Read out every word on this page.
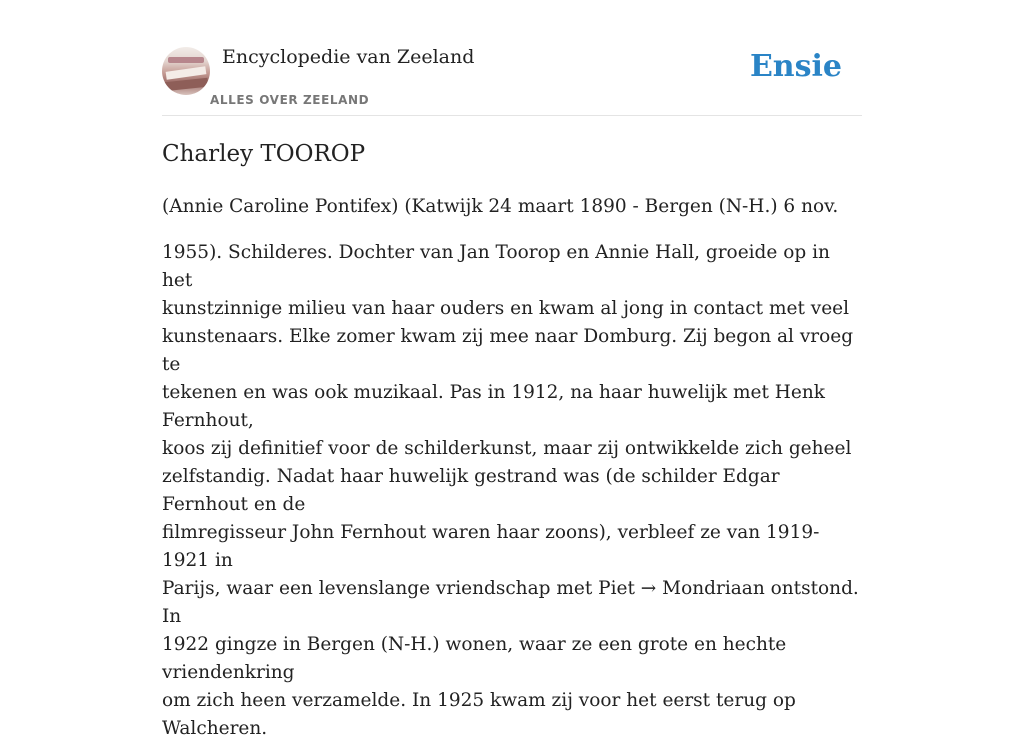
Encyclopedie van Zeeland
ALLES OVER ZEELAND
Ensie
Charley TOOROP

(Annie Caroline Pontifex) (Katwijk 24 maart 1890 - Bergen (N-H.) 6 nov.

1955). Schilderes. Dochter van Jan Toorop en Annie Hall, groeide op in het
kunstzinnige milieu van haar ouders en kwam al jong in contact met veel
kunstenaars. Elke zomer kwam zij mee naar Domburg. Zij begon al vroeg te
tekenen en was ook muzikaal. Pas in 1912, na haar huwelijk met Henk Fernhout,
koos zij definitief voor de schilderkunst, maar zij ontwikkelde zich geheel
zelfstandig. Nadat haar huwelijk gestrand was (de schilder Edgar Fernhout en de
filmregisseur John Fernhout waren haar zoons), verbleef ze van 1919-1921 in
Parijs, waar een levenslange vriendschap met Piet → Mondriaan ontstond. In
1922 gingze in Bergen (N-H.) wonen, waar ze een grote en hechte vriendenkring
om zich heen verzamelde. In 1925 kwam zij voor het eerst terug op Walcheren.
